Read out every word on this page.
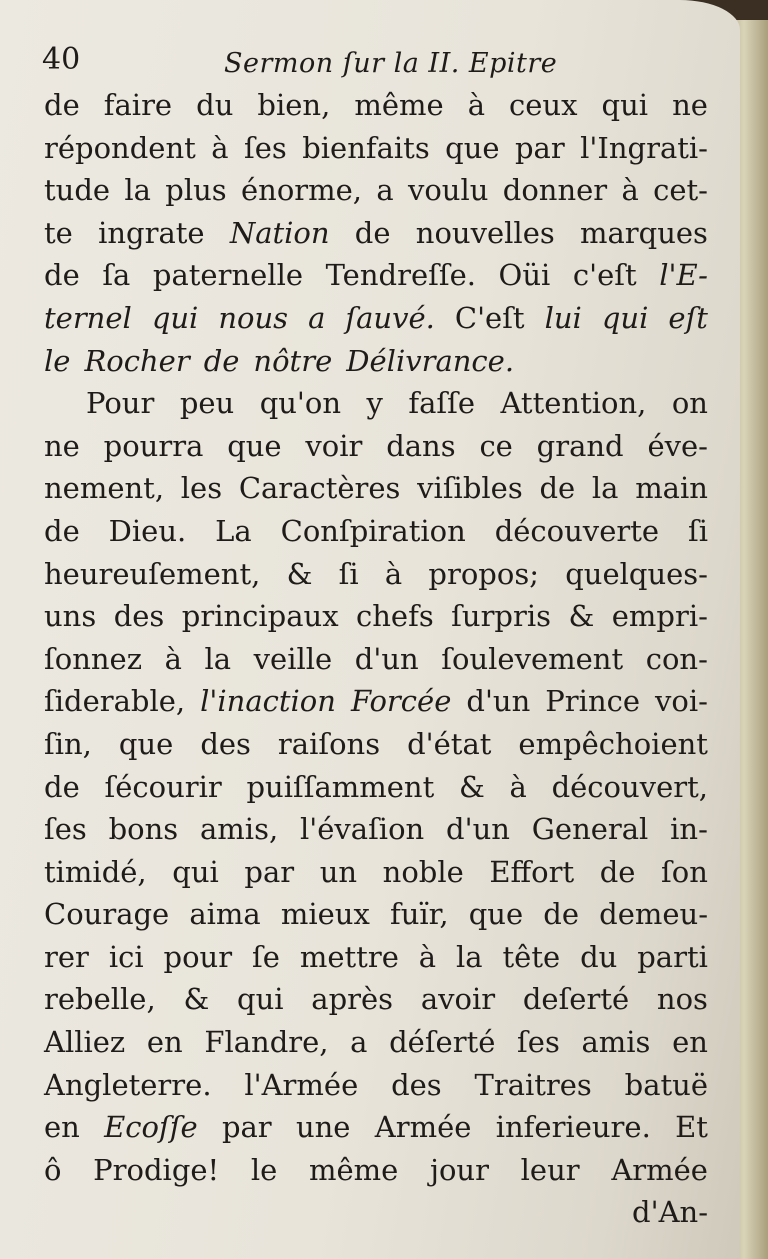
40	Sermon ſur la II. Epitre
de faire du bien, même à ceux qui ne
répondent à ſes bienfaits que par l'Ingrati-
tude la plus énorme, a voulu donner à cet-
te ingrate Nation de nouvelles marques
de ſa paternelle Tendreſſe. Oüi c'eſt l'E-
ternel qui nous a ſauvé. C'eſt lui qui eſt
le Rocher de nôtre Délivrance.
Pour peu qu'on y faſſe Attention, on
ne pourra que voir dans ce grand éve-
nement, les Caractères viſibles de la main
de Dieu. La Conſpiration découverte ſi
heureuſement, & ſi à propos; quelques-
uns des principaux chefs ſurpris & empri-
ſonnez à la veille d'un ſoulevement con-
ſiderable, l'inaction Forcée d'un Prince voi-
ſin, que des raiſons d'état empêchoient
de ſécourir puiſſamment & à découvert,
ſes bons amis, l'évaſion d'un General in-
timidé, qui par un noble Effort de ſon
Courage aima mieux fuïr, que de demeu-
rer ici pour ſe mettre à la tête du parti
rebelle, & qui après avoir deſerté nos
Alliez en Flandre, a déſerté ſes amis en
Angleterre. l'Armée des Traitres batuë
en Ecoſſe par une Armée inferieure. Et
ô Prodige! le même jour leur Armée
d'An-
